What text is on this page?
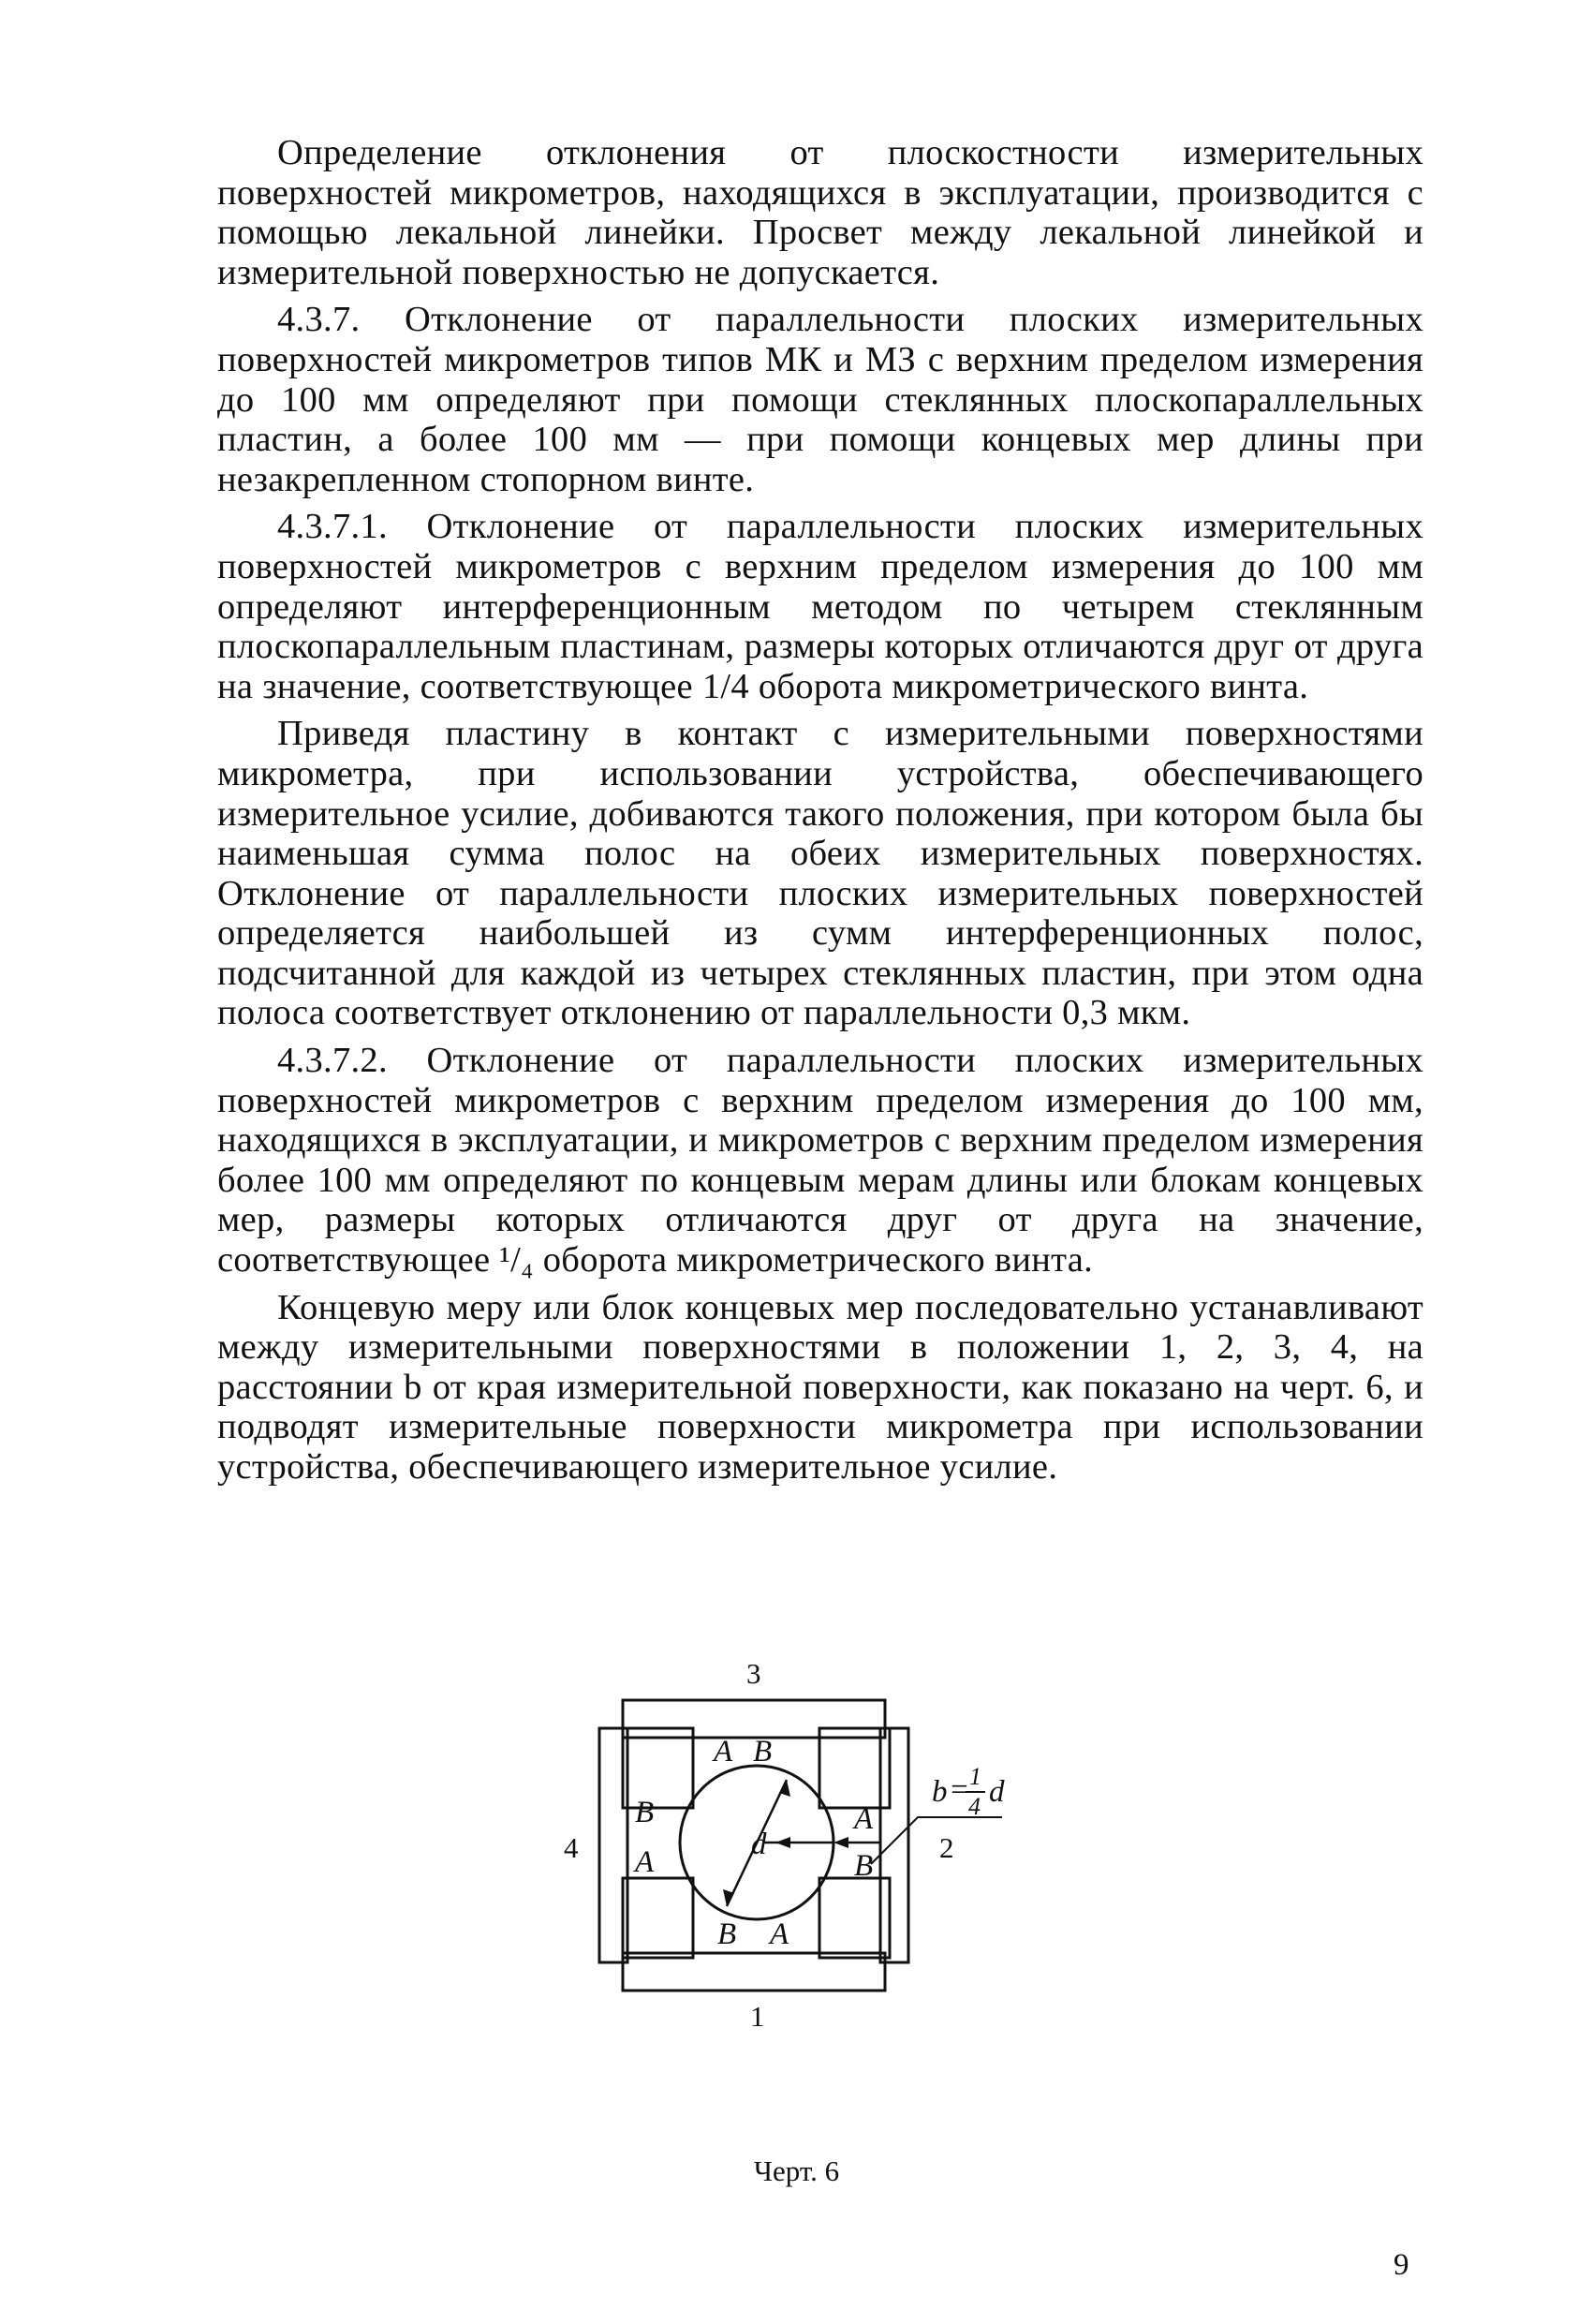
Определение отклонения от плоскостности измерительных поверхностей микрометров, находящихся в эксплуатации, производится с помощью лекальной линейки. Просвет между лекальной линейкой и измерительной поверхностью не допускается.

4.3.7. Отклонение от параллельности плоских измерительных поверхностей микрометров типов МК и МЗ с верхним пределом измерения до 100 мм определяют при помощи стеклянных плоскопараллельных пластин, а более 100 мм — при помощи концевых мер длины при незакрепленном стопорном винте.

4.3.7.1. Отклонение от параллельности плоских измерительных поверхностей микрометров с верхним пределом измерения до 100 мм определяют интерференционным методом по четырем стеклянным плоскопараллельным пластинам, размеры которых отличаются друг от друга на значение, соответствующее 1/4 оборота микрометрического винта.

Приведя пластину в контакт с измерительными поверхностями микрометра, при использовании устройства, обеспечивающего измерительное усилие, добиваются такого положения, при котором была бы наименьшая сумма полос на обеих измерительных поверхностях. Отклонение от параллельности плоских измерительных поверхностей определяется наибольшей из сумм интерференционных полос, подсчитанной для каждой из четырех стеклянных пластин, при этом одна полоса соответствует отклонению от параллельности 0,3 мкм.

4.3.7.2. Отклонение от параллельности плоских измерительных поверхностей микрометров с верхним пределом измерения до 100 мм, находящихся в эксплуатации, и микрометров с верхним пределом измерения более 100 мм определяют по концевым мерам длины или блокам концевых мер, размеры которых отличаются друг от друга на значение, соответствующее ¹/₄ оборота микрометрического винта.

Концевую меру или блок концевых мер последовательно устанавливают между измерительными поверхностями в положении 1, 2, 3, 4, на расстоянии b от края измерительной поверхности, как показано на черт. 6, и подводят измерительные поверхности микрометра при использовании устройства, обеспечивающего измерительное усилие.

3
2
1
4
A B
A
B
B A
B
A
d
b = 1
4 d
Черт. 6
9
